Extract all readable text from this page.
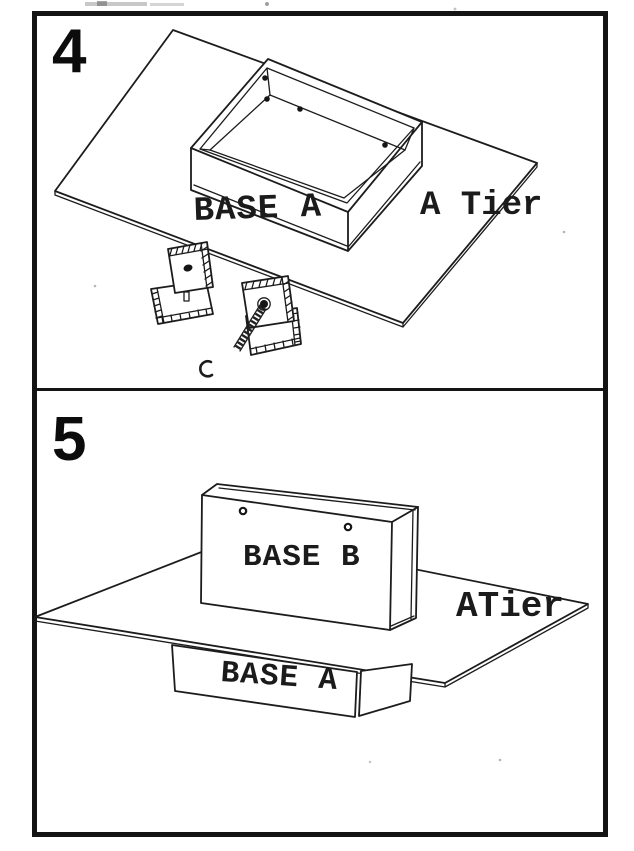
4
5
BASE A	A Tier
BASE B
ATier
BASE A
